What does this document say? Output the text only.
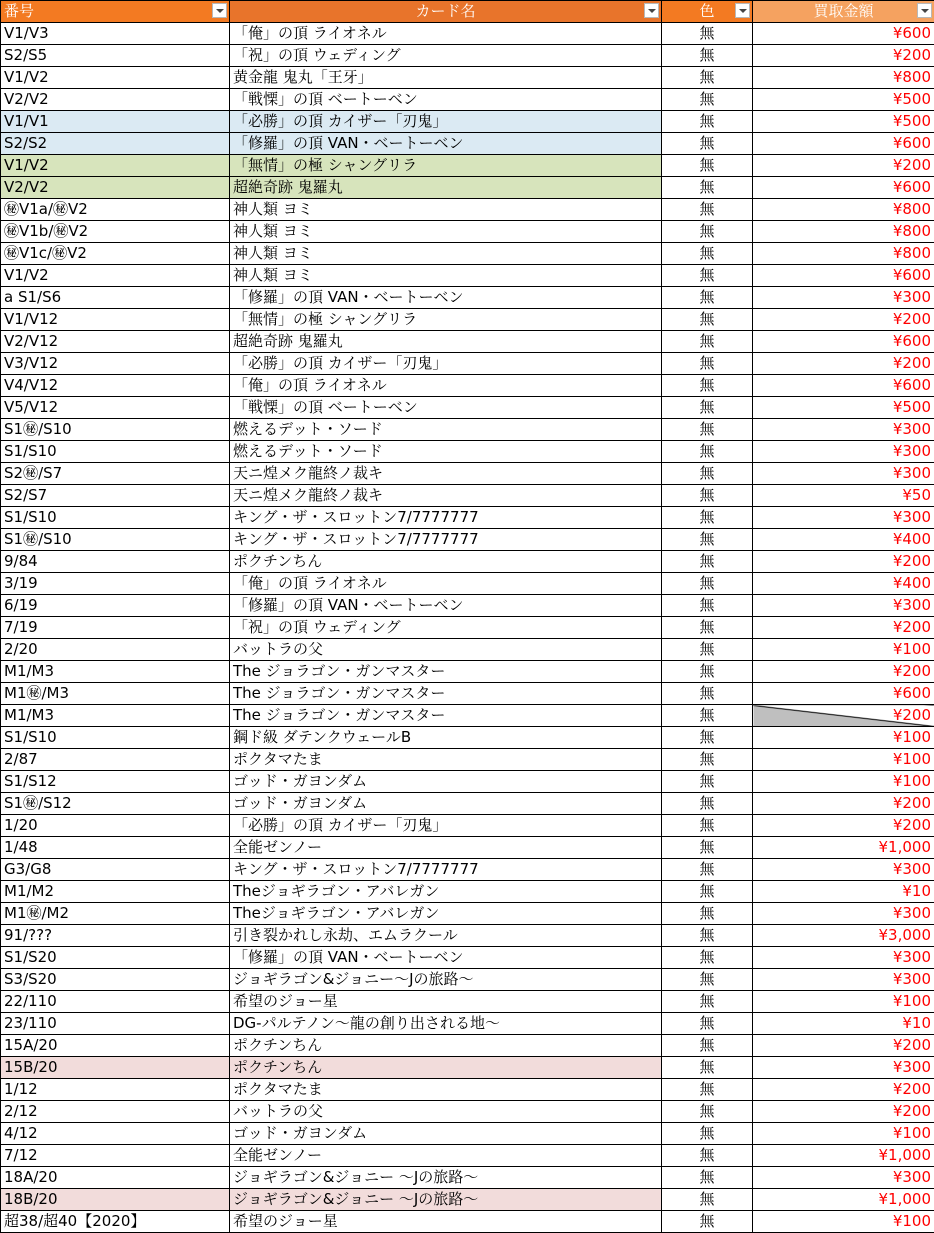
番号	カード名	色	買取金額

V1/V3	「俺」の頂 ライオネル	無	¥600
S2/S5	「祝」の頂 ウェディング	無	¥200
V1/V2	黄金龍 鬼丸「王牙」	無	¥800
V2/V2	「戦慄」の頂 ベートーベン	無	¥500
V1/V1	「必勝」の頂 カイザー「刃鬼」	無	¥500
S2/S2	「修羅」の頂 VAN・ベートーベン	無	¥600
V1/V2	「無情」の極 シャングリラ	無	¥200
V2/V2	超絶奇跡 鬼羅丸	無	¥600
㊙V1a/㊙V2	神人類 ヨミ	無	¥800
㊙V1b/㊙V2	神人類 ヨミ	無	¥800
㊙V1c/㊙V2	神人類 ヨミ	無	¥800
V1/V2	神人類 ヨミ	無	¥600
a S1/S6	「修羅」の頂 VAN・ベートーベン	無	¥300
V1/V12	「無情」の極 シャングリラ	無	¥200
V2/V12	超絶奇跡 鬼羅丸	無	¥600
V3/V12	「必勝」の頂 カイザー「刃鬼」	無	¥200
V4/V12	「俺」の頂 ライオネル	無	¥600
V5/V12	「戦慄」の頂 ベートーベン	無	¥500
S1㊙/S10	燃えるデット・ソード	無	¥300
S1/S10	燃えるデット・ソード	無	¥300
S2㊙/S7	天ニ煌メク龍終ノ裁キ	無	¥300
S2/S7	天ニ煌メク龍終ノ裁キ	無	¥50
S1/S10	キング・ザ・スロットン7/7777777	無	¥300
S1㊙/S10	キング・ザ・スロットン7/7777777	無	¥400
9/84	ポクチンちん	無	¥200
3/19	「俺」の頂 ライオネル	無	¥400
6/19	「修羅」の頂 VAN・ベートーベン	無	¥300
7/19	「祝」の頂 ウェディング	無	¥200
2/20	バットラの父	無	¥100
M1/M3	The ジョラゴン・ガンマスター	無	¥200
M1㊙/M3	The ジョラゴン・ガンマスター	無	¥600
M1/M3	The ジョラゴン・ガンマスター	無	¥200
S1/S10	鋼ド級 ダテンクウェールB	無	¥100
2/87	ポクタマたま	無	¥100
S1/S12	ゴッド・ガヨンダム	無	¥100
S1㊙/S12	ゴッド・ガヨンダム	無	¥200
1/20	「必勝」の頂 カイザー「刃鬼」	無	¥200
1/48	全能ゼンノー	無	¥1,000
G3/G8	キング・ザ・スロットン7/7777777	無	¥300
M1/M2	Theジョギラゴン・アバレガン	無	¥10
M1㊙/M2	Theジョギラゴン・アバレガン	無	¥300
91/???	引き裂かれし永劫、エムラクール	無	¥3,000
S1/S20	「修羅」の頂 VAN・ベートーベン	無	¥300
S3/S20	ジョギラゴン&ジョニー〜Jの旅路〜	無	¥300
22/110	希望のジョー星	無	¥100
23/110	DG-パルテノン〜龍の創り出される地〜	無	¥10
15A/20	ポクチンちん	無	¥200
15B/20	ポクチンちん	無	¥300
1/12	ポクタマたま	無	¥200
2/12	バットラの父	無	¥200
4/12	ゴッド・ガヨンダム	無	¥100
7/12	全能ゼンノー	無	¥1,000
18A/20	ジョギラゴン&ジョニー 〜Jの旅路〜	無	¥300
18B/20	ジョギラゴン&ジョニー 〜Jの旅路〜	無	¥1,000
超38/超40【2020】	希望のジョー星	無	¥100
